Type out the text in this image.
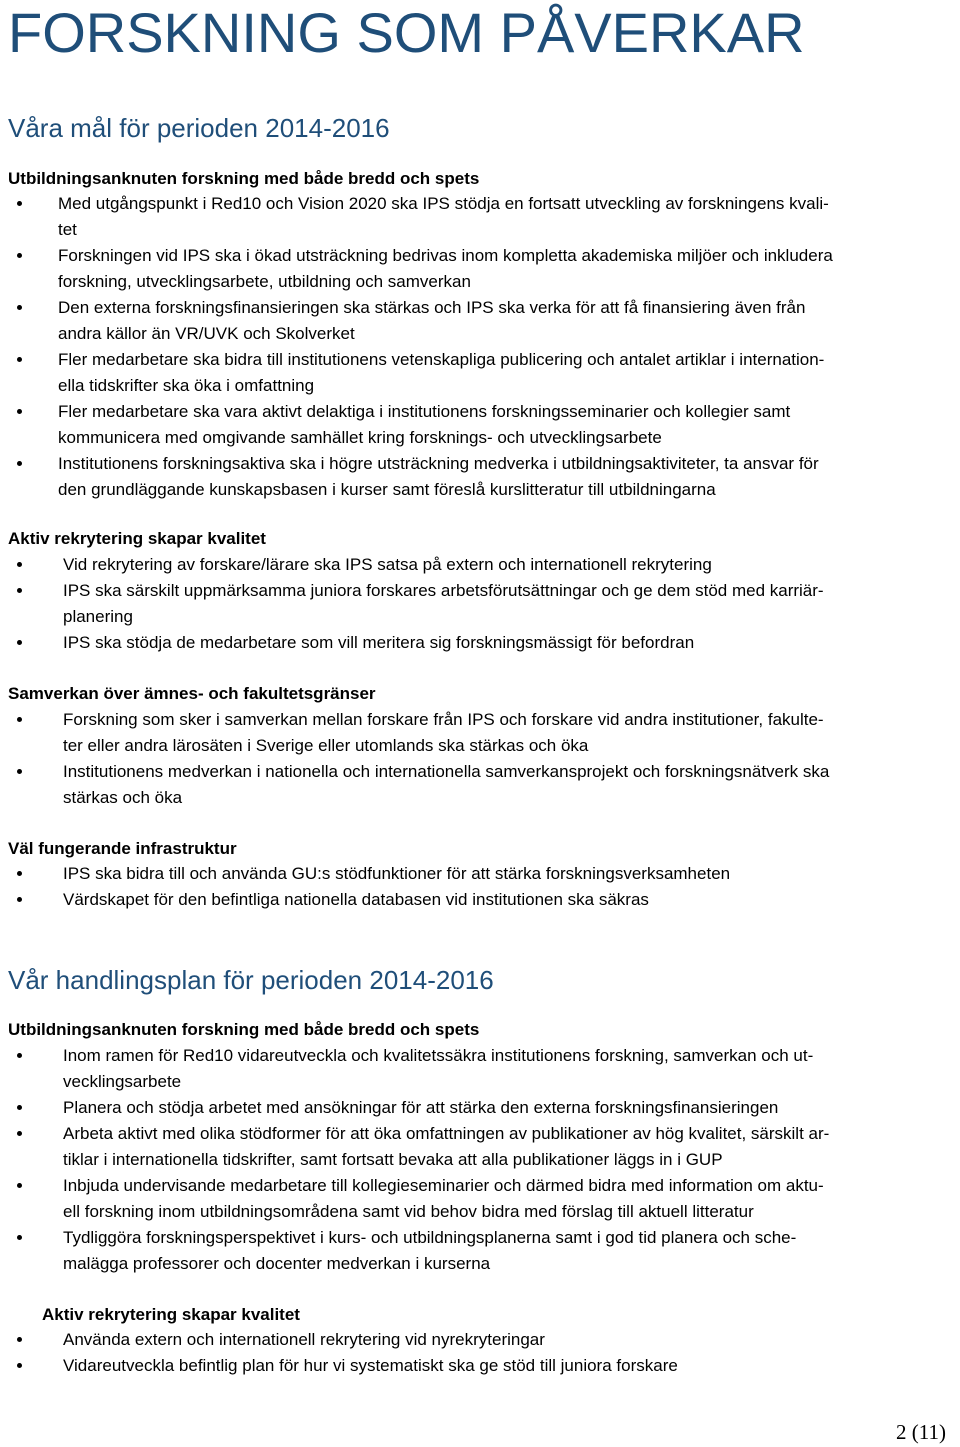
FORSKNING SOM PÅVERKAR
Våra mål för perioden 2014-2016
Utbildningsanknuten forskning med både bredd och spets
Med utgångspunkt i Red10 och Vision 2020 ska IPS stödja en fortsatt utveckling av forskningens kvali-
tet
Forskningen vid IPS ska i ökad utsträckning bedrivas inom kompletta akademiska miljöer och inkludera
forskning, utvecklingsarbete, utbildning och samverkan
Den externa forskningsfinansieringen ska stärkas och IPS ska verka för att få finansiering även från
andra källor än VR/UVK och Skolverket
Fler medarbetare ska bidra till institutionens vetenskapliga publicering och antalet artiklar i internation-
ella tidskrifter ska öka i omfattning
Fler medarbetare ska vara aktivt delaktiga i institutionens forskningsseminarier och kollegier samt
kommunicera med omgivande samhället kring forsknings- och utvecklingsarbete
Institutionens forskningsaktiva ska i högre utsträckning medverka i utbildningsaktiviteter, ta ansvar för
den grundläggande kunskapsbasen i kurser samt föreslå kurslitteratur till utbildningarna
Aktiv rekrytering skapar kvalitet
Vid rekrytering av forskare/lärare ska IPS satsa på extern och internationell rekrytering
IPS ska särskilt uppmärksamma juniora forskares arbetsförutsättningar och ge dem stöd med karriär-
planering
IPS ska stödja de medarbetare som vill meritera sig forskningsmässigt för befordran
Samverkan över ämnes- och fakultetsgränser
Forskning som sker i samverkan mellan forskare från IPS och forskare vid andra institutioner, fakulte-
ter eller andra lärosäten i Sverige eller utomlands ska stärkas och öka
Institutionens medverkan i nationella och internationella samverkansprojekt och forskningsnätverk ska
stärkas och öka
Väl fungerande infrastruktur
IPS ska bidra till och använda GU:s stödfunktioner för att stärka forskningsverksamheten
Värdskapet för den befintliga nationella databasen vid institutionen ska säkras
Vår handlingsplan för perioden 2014-2016
Utbildningsanknuten forskning med både bredd och spets
Inom ramen för Red10 vidareutveckla och kvalitetssäkra institutionens forskning, samverkan och ut-
vecklingsarbete
Planera och stödja arbetet med ansökningar för att stärka den externa forskningsfinansieringen
Arbeta aktivt med olika stödformer för att öka omfattningen av publikationer av hög kvalitet, särskilt ar-
tiklar i internationella tidskrifter, samt fortsatt bevaka att alla publikationer läggs in i GUP
Inbjuda undervisande medarbetare till kollegieseminarier och därmed bidra med information om aktu-
ell forskning inom utbildningsområdena samt vid behov bidra med förslag till aktuell litteratur
Tydliggöra forskningsperspektivet i kurs- och utbildningsplanerna samt i god tid planera och sche-
malägga professorer och docenter medverkan i kurserna
Aktiv rekrytering skapar kvalitet
Använda extern och internationell rekrytering vid nyrekryteringar
Vidareutveckla befintlig plan för hur vi systematiskt ska ge stöd till juniora forskare
2 (11)
